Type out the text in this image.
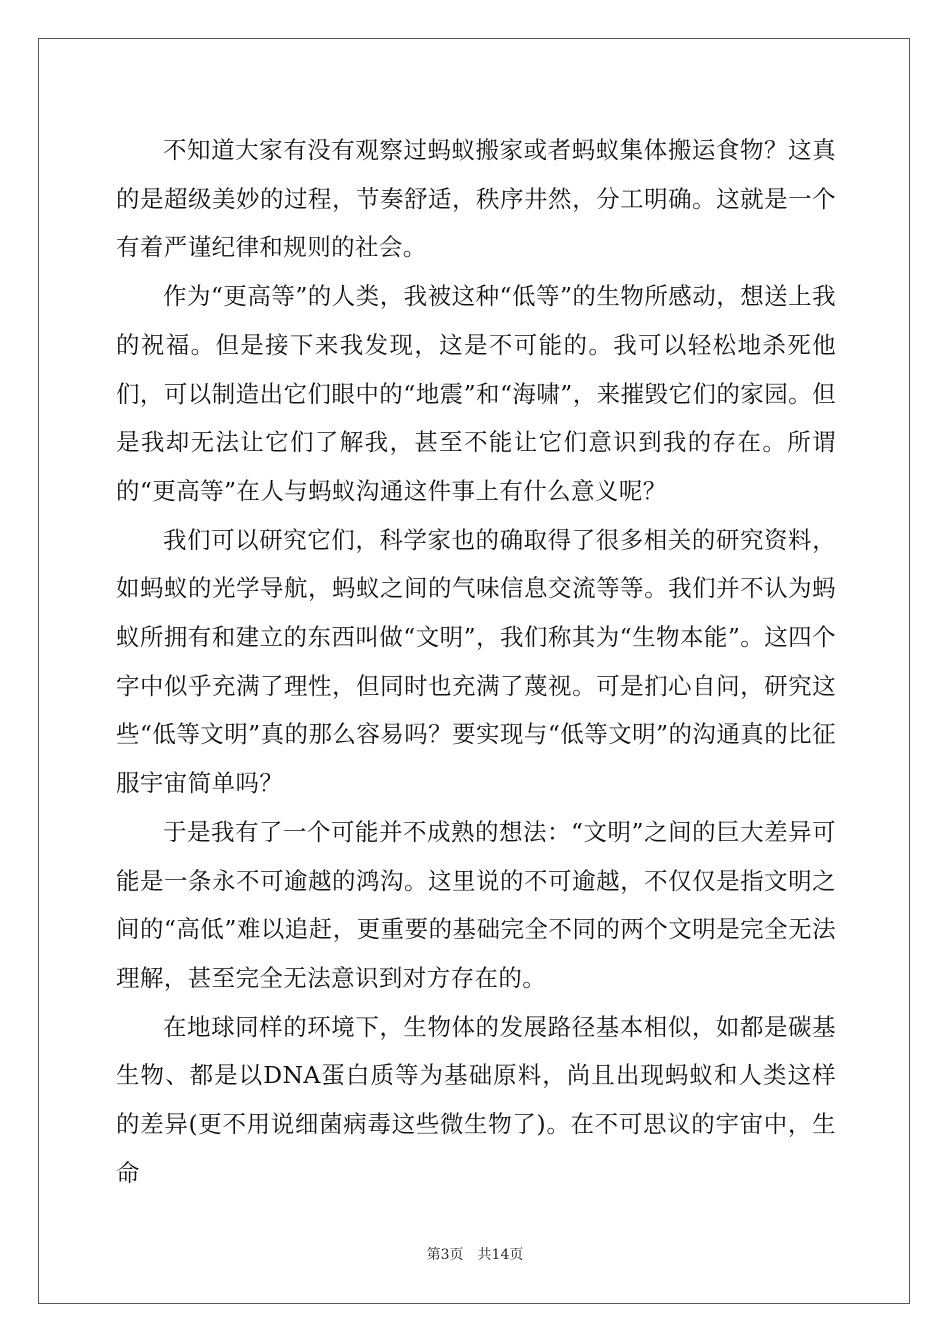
不知道大家有没有观察过蚂蚁搬家或者蚂蚁集体搬运食物？这真的是超级美妙的过程，节奏舒适，秩序井然，分工明确。这就是一个有着严谨纪律和规则的社会。

作为“更高等”的人类，我被这种“低等”的生物所感动，想送上我的祝福。但是接下来我发现，这是不可能的。我可以轻松地杀死他们，可以制造出它们眼中的“地震”和“海啸”，来摧毁它们的家园。但是我却无法让它们了解我，甚至不能让它们意识到我的存在。所谓的“更高等”在人与蚂蚁沟通这件事上有什么意义呢？

我们可以研究它们，科学家也的确取得了很多相关的研究资料，如蚂蚁的光学导航，蚂蚁之间的气味信息交流等等。我们并不认为蚂蚁所拥有和建立的东西叫做“文明”，我们称其为“生物本能”。这四个字中似乎充满了理性，但同时也充满了蔑视。可是扪心自问，研究这些“低等文明”真的那么容易吗？要实现与“低等文明”的沟通真的比征服宇宙简单吗？

于是我有了一个可能并不成熟的想法：“文明”之间的巨大差异可能是一条永不可逾越的鸿沟。这里说的不可逾越，不仅仅是指文明之间的“高低”难以追赶，更重要的基础完全不同的两个文明是完全无法理解，甚至完全无法意识到对方存在的。

在地球同样的环境下，生物体的发展路径基本相似，如都是碳基生物、都是以DNA蛋白质等为基础原料，尚且出现蚂蚁和人类这样的差异(更不用说细菌病毒这些微生物了)。在不可思议的宇宙中，生命

第3页　共14页
